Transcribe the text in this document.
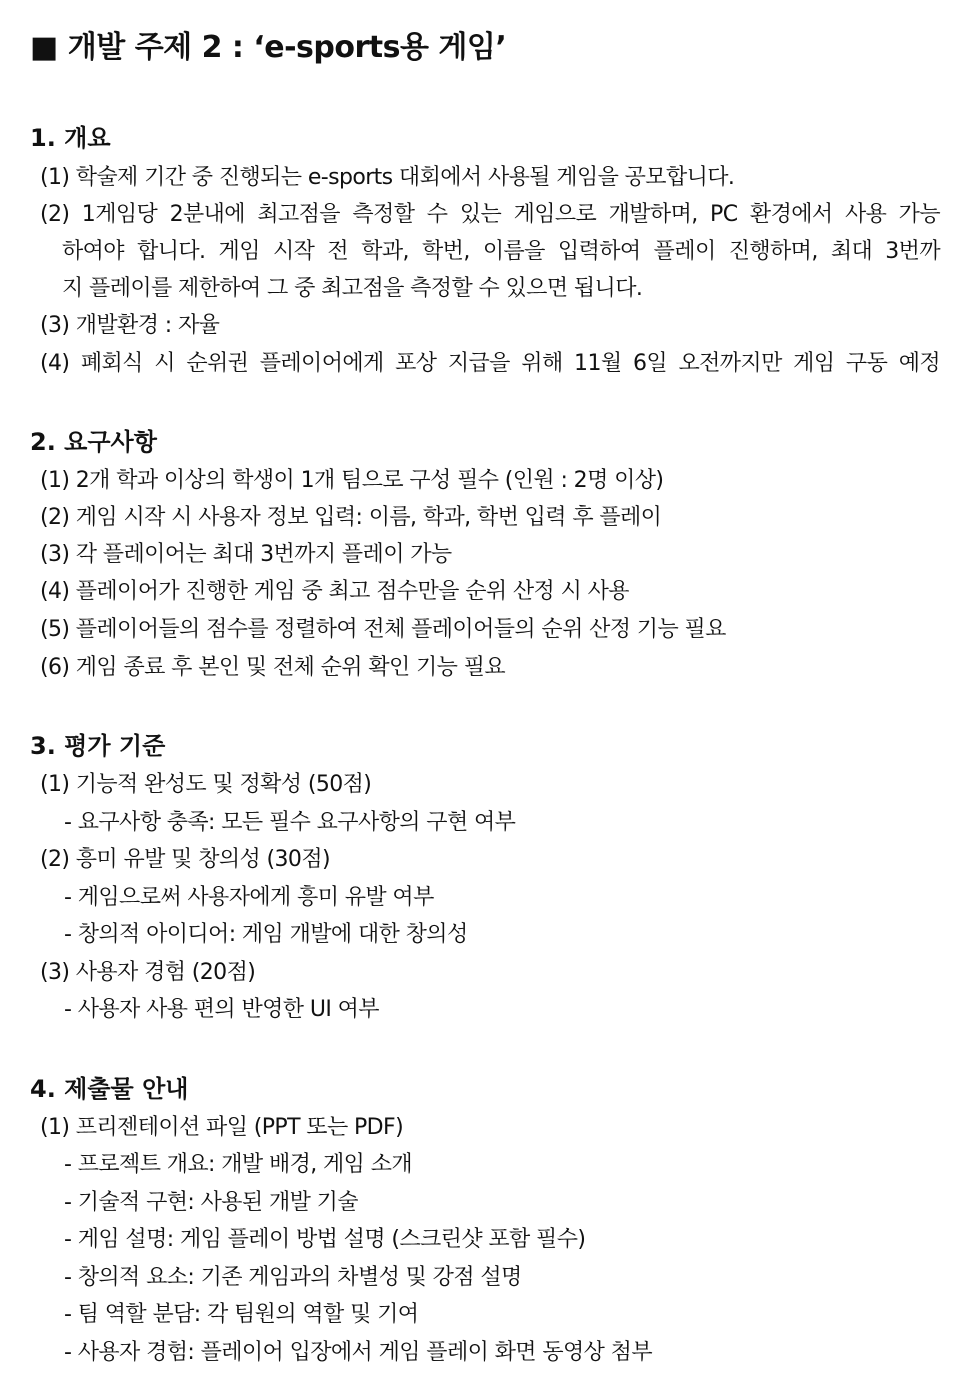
■ 개발 주제 2 : ‘e-sports용 게임’
1. 개요
(1) 학술제 기간 중 진행되는 e-sports 대회에서 사용될 게임을 공모합니다.
(2) 1게임당 2분내에 최고점을 측정할 수 있는 게임으로 개발하며, PC 환경에서 사용 가능
하여야 합니다. 게임 시작 전 학과, 학번, 이름을 입력하여 플레이 진행하며, 최대 3번까
지 플레이를 제한하여 그 중 최고점을 측정할 수 있으면 됩니다.
(3) 개발환경 : 자율
(4) 폐회식 시 순위권 플레이어에게 포상 지급을 위해 11월 6일 오전까지만 게임 구동 예정
2. 요구사항
(1) 2개 학과 이상의 학생이 1개 팀으로 구성 필수 (인원 : 2명 이상)
(2) 게임 시작 시 사용자 정보 입력: 이름, 학과, 학번 입력 후 플레이
(3) 각 플레이어는 최대 3번까지 플레이 가능
(4) 플레이어가 진행한 게임 중 최고 점수만을 순위 산정 시 사용
(5) 플레이어들의 점수를 정렬하여 전체 플레이어들의 순위 산정 기능 필요
(6) 게임 종료 후 본인 및 전체 순위 확인 기능 필요
3. 평가 기준
(1) 기능적 완성도 및 정확성 (50점)
- 요구사항 충족: 모든 필수 요구사항의 구현 여부
(2) 흥미 유발 및 창의성 (30점)
- 게임으로써 사용자에게 흥미 유발 여부
- 창의적 아이디어: 게임 개발에 대한 창의성
(3) 사용자 경험 (20점)
- 사용자 사용 편의 반영한 UI 여부
4. 제출물 안내
(1) 프리젠테이션 파일 (PPT 또는 PDF)
- 프로젝트 개요: 개발 배경, 게임 소개
- 기술적 구현: 사용된 개발 기술
- 게임 설명: 게임 플레이 방법 설명 (스크린샷 포함 필수)
- 창의적 요소: 기존 게임과의 차별성 및 강점 설명
- 팀 역할 분담: 각 팀원의 역할 및 기여
- 사용자 경험: 플레이어 입장에서 게임 플레이 화면 동영상 첨부
